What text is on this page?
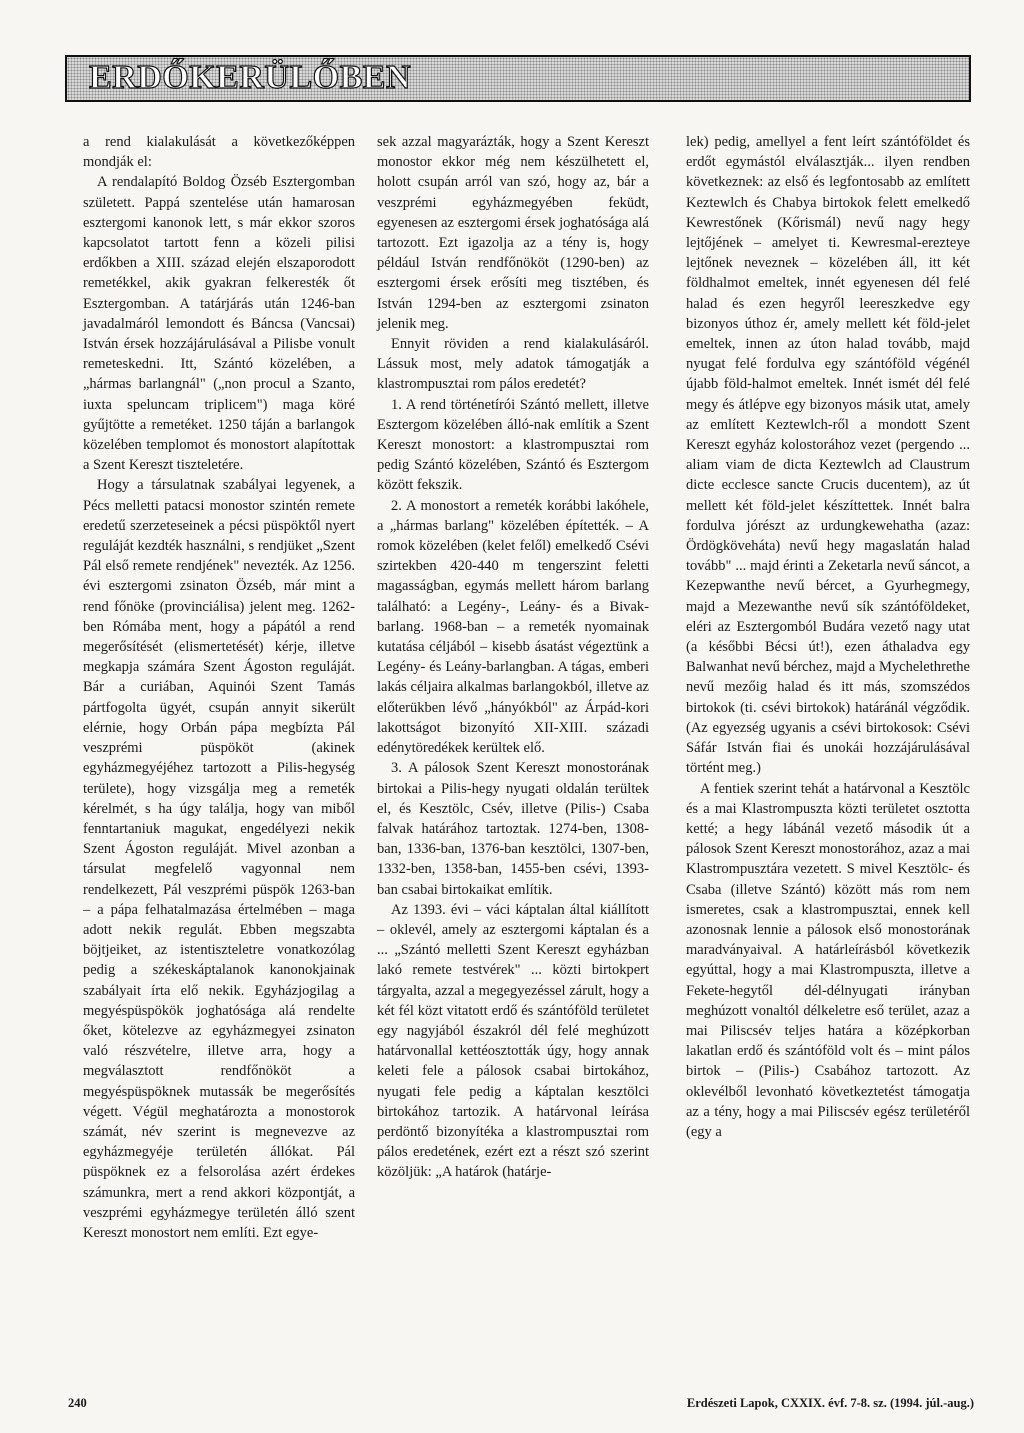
ERDŐKERÜLŐBEN

a rend kialakulását a következőképpen mondják el:

A rendalapító Boldog Özséb Esztergomban született. Pappá szentelése után hamarosan esztergomi kanonok lett, s már ekkor szoros kapcsolatot tartott fenn a közeli pilisi erdőkben a XIII. század elején elszaporodott remetékkel, akik gyakran felkeresték őt Esztergomban. A tatárjárás után 1246-ban javadalmáról lemondott és Báncsa (Vancsai) István érsek hozzájárulásával a Pilisbe vonult remeteskedni. Itt, Szántó közelében, a „hármas barlangnál" („non procul a Szanto, iuxta speluncam triplicem") maga köré gyűjtötte a remetéket. 1250 táján a barlangok közelében templomot és monostort alapítottak a Szent Kereszt tiszteletére.

Hogy a társulatnak szabályai legyenek, a Pécs melletti patacsi monostor szintén remete eredetű szerzeteseinek a pécsi püspöktől nyert reguláját kezdték használni, s rendjüket „Szent Pál első remete rendjének" nevezték. Az 1256. évi esztergomi zsinaton Özséb, már mint a rend főnöke (provinciálisa) jelent meg. 1262-ben Rómába ment, hogy a pápától a rend megerősítését (elismertetését) kérje, illetve megkapja számára Szent Ágoston reguláját. Bár a curiában, Aquinói Szent Tamás pártfogolta ügyét, csupán annyit sikerült elérnie, hogy Orbán pápa megbízta Pál veszprémi püspököt (akinek egyházmegyéjéhez tartozott a Pilis-hegység területe), hogy vizsgálja meg a remeték kérelmét, s ha úgy találja, hogy van miből fenntartaniuk magukat, engedélyezi nekik Szent Ágoston reguláját. Mivel azonban a társulat megfelelő vagyonnal nem rendelkezett, Pál veszprémi püspök 1263-ban – a pápa felhatalmazása értelmében – maga adott nekik regulát. Ebben megszabta böjtjeiket, az istentiszteletre vonatkozólag pedig a székeskáptalanok kanonokjainak szabályait írta elő nekik. Egyházjogilag a megyéspüspökök joghatósága alá rendelte őket, kötelezve az egyházmegyei zsinaton való részvételre, illetve arra, hogy a megválasztott rendfőnököt a megyéspüspöknek mutassák be megerősítés végett. Végül meghatározta a monostorok számát, név szerint is megnevezve az egyházmegyéje területén állókat. Pál püspöknek ez a felsorolása azért érdekes számunkra, mert a rend akkori központját, a veszprémi egyházmegye területén álló szent Kereszt monostort nem említi. Ezt egye-

sek azzal magyarázták, hogy a Szent Kereszt monostor ekkor még nem készülhetett el, holott csupán arról van szó, hogy az, bár a veszprémi egyházmegyében feküdt, egyenesen az esztergomi érsek joghatósága alá tartozott. Ezt igazolja az a tény is, hogy például István rendfőnököt (1290-ben) az esztergomi érsek erősíti meg tisztében, és István 1294-ben az esztergomi zsinaton jelenik meg.

Ennyit röviden a rend kialakulásáról. Lássuk most, mely adatok támogatják a klastrompusztai rom pálos eredetét?

1. A rend történetírói Szántó mellett, illetve Esztergom közelében álló-nak említik a Szent Kereszt monostort: a klastrompusztai rom pedig Szántó közelében, Szántó és Esztergom között fekszik.

2. A monostort a remeték korábbi lakóhele, a „hármas barlang" közelében építették. – A romok közelében (kelet felől) emelkedő Csévi szirtekben 420-440 m tengerszint feletti magasságban, egymás mellett három barlang található: a Legény-, Leány- és a Bivak-barlang. 1968-ban – a remeték nyomainak kutatása céljából – kisebb ásatást végeztünk a Legény- és Leány-barlangban. A tágas, emberi lakás céljaira alkalmas barlangokból, illetve az előterükben lévő „hányókból" az Árpád-kori lakottságot bizonyító XII-XIII. századi edénytöredékek kerültek elő.

3. A pálosok Szent Kereszt monostorának birtokai a Pilis-hegy nyugati oldalán terültek el, és Kesztölc, Csév, illetve (Pilis-) Csaba falvak határához tartoztak. 1274-ben, 1308-ban, 1336-ban, 1376-ban kesztölci, 1307-ben, 1332-ben, 1358-ban, 1455-ben csévi, 1393-ban csabai birtokaikat említik.

Az 1393. évi – váci káptalan által kiállított – oklevél, amely az esztergomi káptalan és a ... „Szántó melletti Szent Kereszt egyházban lakó remete testvérek" ... közti birtokpert tárgyalta, azzal a megegyezéssel zárult, hogy a két fél közt vitatott erdő és szántóföld területet egy nagyjából északról dél felé meghúzott határvonallal kettéosztották úgy, hogy annak keleti fele a pálosok csabai birtokához, nyugati fele pedig a káptalan kesztölci birtokához tartozik. A határvonal leírása perdöntő bizonyítéka a klastrompusztai rom pálos eredetének, ezért ezt a részt szó szerint közöljük: „A határok (határje-

lek) pedig, amellyel a fent leírt szántóföldet és erdőt egymástól elválasztják... ilyen rendben következnek: az első és legfontosabb az említett Keztewlch és Chabya birtokok felett emelkedő Kewrestőnek (Kőrismál) nevű nagy hegy lejtőjének – amelyet ti. Kewresmal-erezteye lejtőnek neveznek – közelében áll, itt két földhalmot emeltek, innét egyenesen dél felé halad és ezen hegyről leereszkedve egy bizonyos úthoz ér, amely mellett két föld-jelet emeltek, innen az úton halad tovább, majd nyugat felé fordulva egy szántóföld végénél újabb föld-halmot emeltek. Innét ismét dél felé megy és átlépve egy bizonyos másik utat, amely az említett Keztewlch-ről a mondott Szent Kereszt egyház kolostorához vezet (pergendo ... aliam viam de dicta Keztewlch ad Claustrum dicte ecclesce sancte Crucis ducentem), az út mellett két föld-jelet készíttettek. Innét balra fordulva jórészt az urdungkewehatha (azaz: Ördögkövehátа) nevű hegy magaslatán halad tovább" ... majd érinti a Zeketarla nevű sáncot, a Kezepwanthe nevű bércet, a Gyurhegmegy, majd a Mezewanthe nevű sík szántóföldeket, eléri az Esztergomból Budára vezető nagy utat (a későbbi Bécsi út!), ezen áthaladva egy Balwanhat nevű bérchez, majd a Mychelethrethe nevű mezőig halad és itt más, szomszédos birtokok (ti. csévi birtokok) határánál végződik. (Az egyezség ugyanis a csévi birtokosok: Csévi Sáfár István fiai és unokái hozzájárulásával történt meg.)

A fentiek szerint tehát a határvonal a Kesztölc és a mai Klastrompuszta közti területet osztotta ketté; a hegy lábánál vezető második út a pálosok Szent Kereszt monostorához, azaz a mai Klastrompusztára vezetett. S mivel Kesztölc- és Csaba (illetve Szántó) között más rom nem ismeretes, csak a klastrompusztai, ennek kell azonosnak lennie a pálosok első monostorának maradványaival. A határleírásból következik egyúttal, hogy a mai Klastrompuszta, illetve a Fekete-hegytől dél-délnyugati irányban meghúzott vonaltól délkeletre eső terület, azaz a mai Piliscsév teljes határa a középkorban lakatlan erdő és szántóföld volt és – mint pálos birtok – (Pilis-) Csabához tartozott. Az oklevélből levonható következtetést támogatja az a tény, hogy a mai Piliscsév egész területéről (egy a

240	Erdészeti Lapok, CXXIX. évf. 7-8. sz. (1994. júl.-aug.)
